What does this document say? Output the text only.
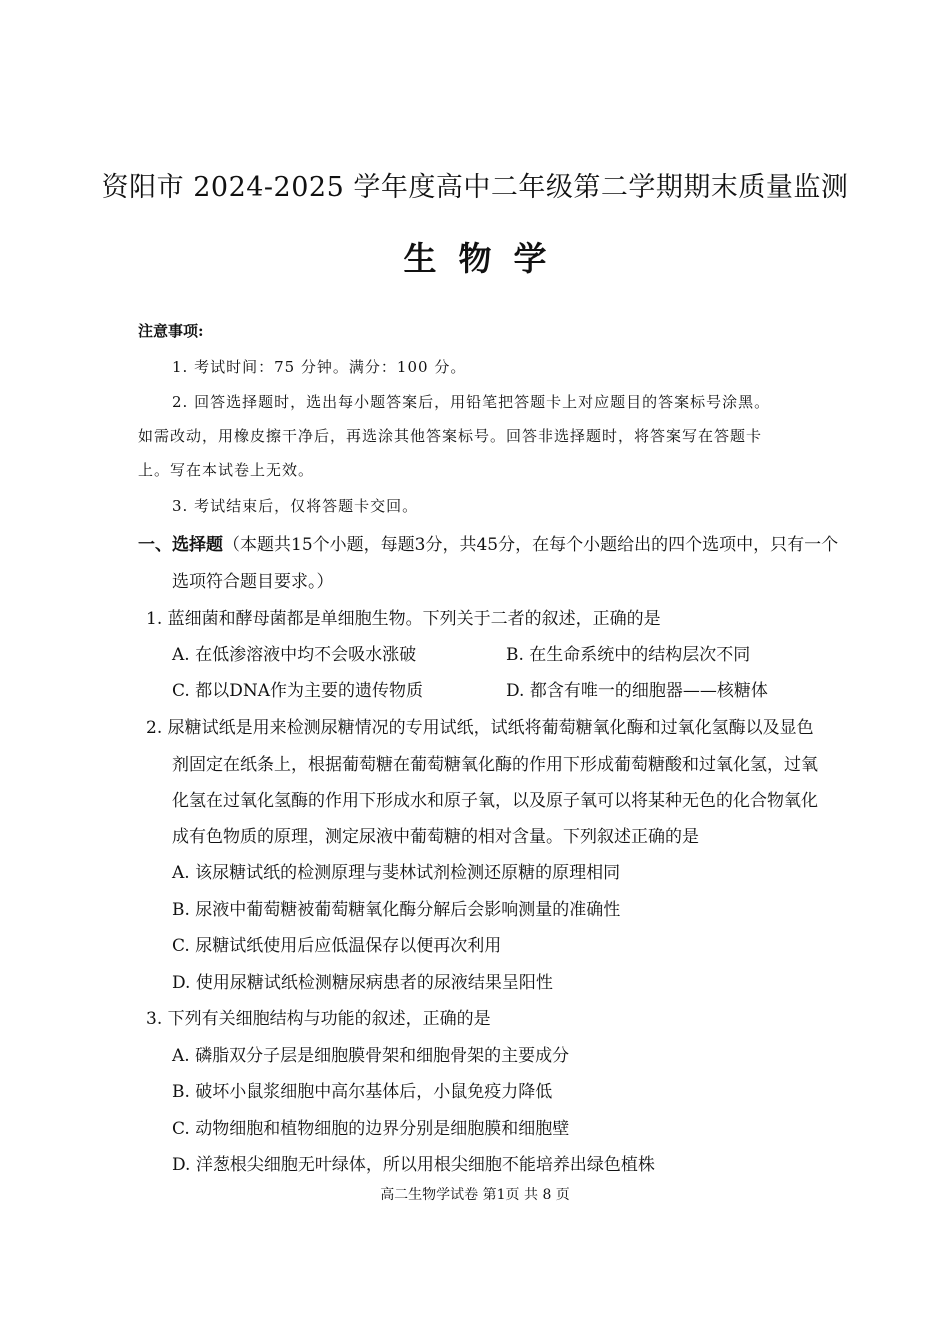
资阳市 2024-2025 学年度高中二年级第二学期期末质量监测
生物学
注意事项:
1. 考试时间：75 分钟。满分：100 分。
2. 回答选择题时，选出每小题答案后，用铅笔把答题卡上对应题目的答案标号涂黑。
如需改动，用橡皮擦干净后，再选涂其他答案标号。回答非选择题时，将答案写在答题卡
上。写在本试卷上无效。
3. 考试结束后，仅将答题卡交回。
一、选择题（本题共15个小题，每题3分，共45分，在每个小题给出的四个选项中，只有一个
选项符合题目要求。）
1. 蓝细菌和酵母菌都是单细胞生物。下列关于二者的叙述，正确的是
A. 在低渗溶液中均不会吸水涨破	B. 在生命系统中的结构层次不同
C. 都以DNA作为主要的遗传物质	D. 都含有唯一的细胞器——核糖体
2. 尿糖试纸是用来检测尿糖情况的专用试纸，试纸将葡萄糖氧化酶和过氧化氢酶以及显色
剂固定在纸条上，根据葡萄糖在葡萄糖氧化酶的作用下形成葡萄糖酸和过氧化氢，过氧
化氢在过氧化氢酶的作用下形成水和原子氧，以及原子氧可以将某种无色的化合物氧化
成有色物质的原理，测定尿液中葡萄糖的相对含量。下列叙述正确的是
A. 该尿糖试纸的检测原理与斐林试剂检测还原糖的原理相同
B. 尿液中葡萄糖被葡萄糖氧化酶分解后会影响测量的准确性
C. 尿糖试纸使用后应低温保存以便再次利用
D. 使用尿糖试纸检测糖尿病患者的尿液结果呈阳性
3. 下列有关细胞结构与功能的叙述，正确的是
A. 磷脂双分子层是细胞膜骨架和细胞骨架的主要成分
B. 破坏小鼠浆细胞中高尔基体后，小鼠免疫力降低
C. 动物细胞和植物细胞的边界分别是细胞膜和细胞壁
D. 洋葱根尖细胞无叶绿体，所以用根尖细胞不能培养出绿色植株
高二生物学试卷 第1页 共 8 页
